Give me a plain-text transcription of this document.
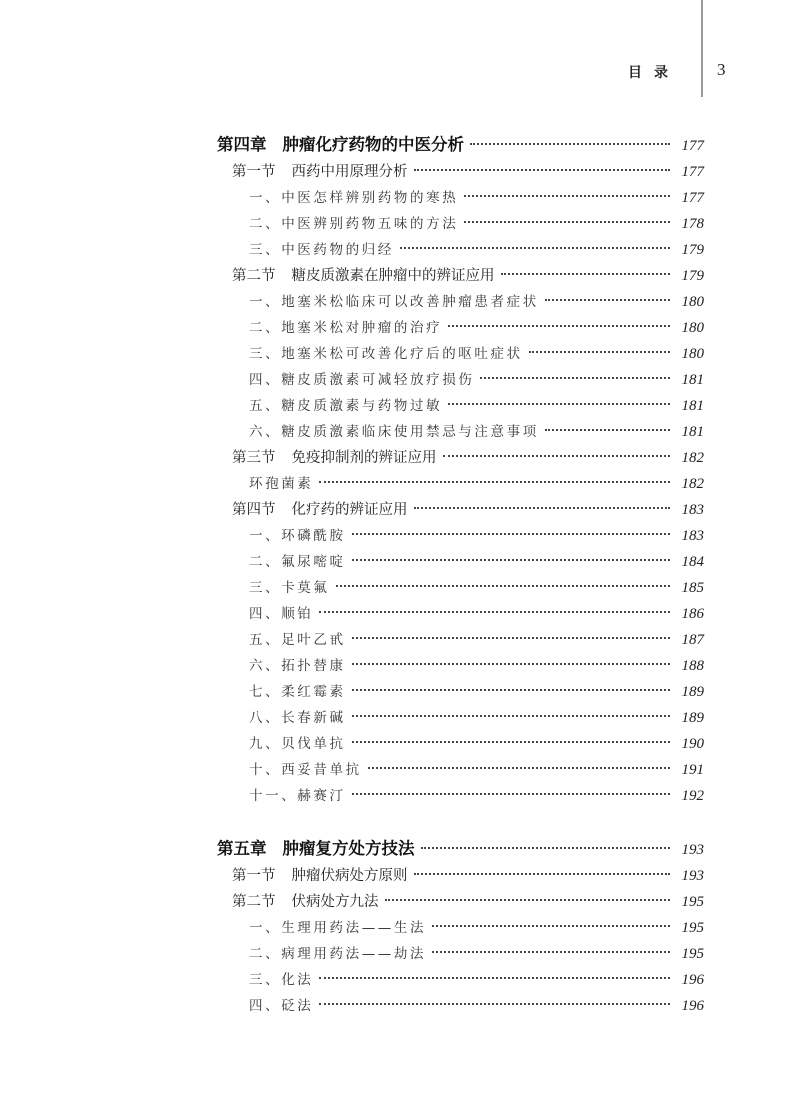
目录 3
第四章 肿瘤化疗药物的中医分析	177
第一节 西药中用原理分析	177
一、中医怎样辨别药物的寒热	177
二、中医辨别药物五味的方法	178
三、中医药物的归经	179
第二节 糖皮质激素在肿瘤中的辨证应用	179
一、地塞米松临床可以改善肿瘤患者症状	180
二、地塞米松对肿瘤的治疗	180
三、地塞米松可改善化疗后的呕吐症状	180
四、糖皮质激素可减轻放疗损伤	181
五、糖皮质激素与药物过敏	181
六、糖皮质激素临床使用禁忌与注意事项	181
第三节 免疫抑制剂的辨证应用	182
环孢菌素	182
第四节 化疗药的辨证应用	183
一、环磷酰胺	183
二、氟尿嘧啶	184
三、卡莫氟	185
四、顺铂	186
五、足叶乙甙	187
六、拓扑替康	188
七、柔红霉素	189
八、长春新碱	189
九、贝伐单抗	190
十、西妥昔单抗	191
十一、赫赛汀	192
第五章 肿瘤复方处方技法	193
第一节 肿瘤伏病处方原则	193
第二节 伏病处方九法	195
一、生理用药法——生法	195
二、病理用药法——劫法	195
三、化法	196
四、砭法	196
